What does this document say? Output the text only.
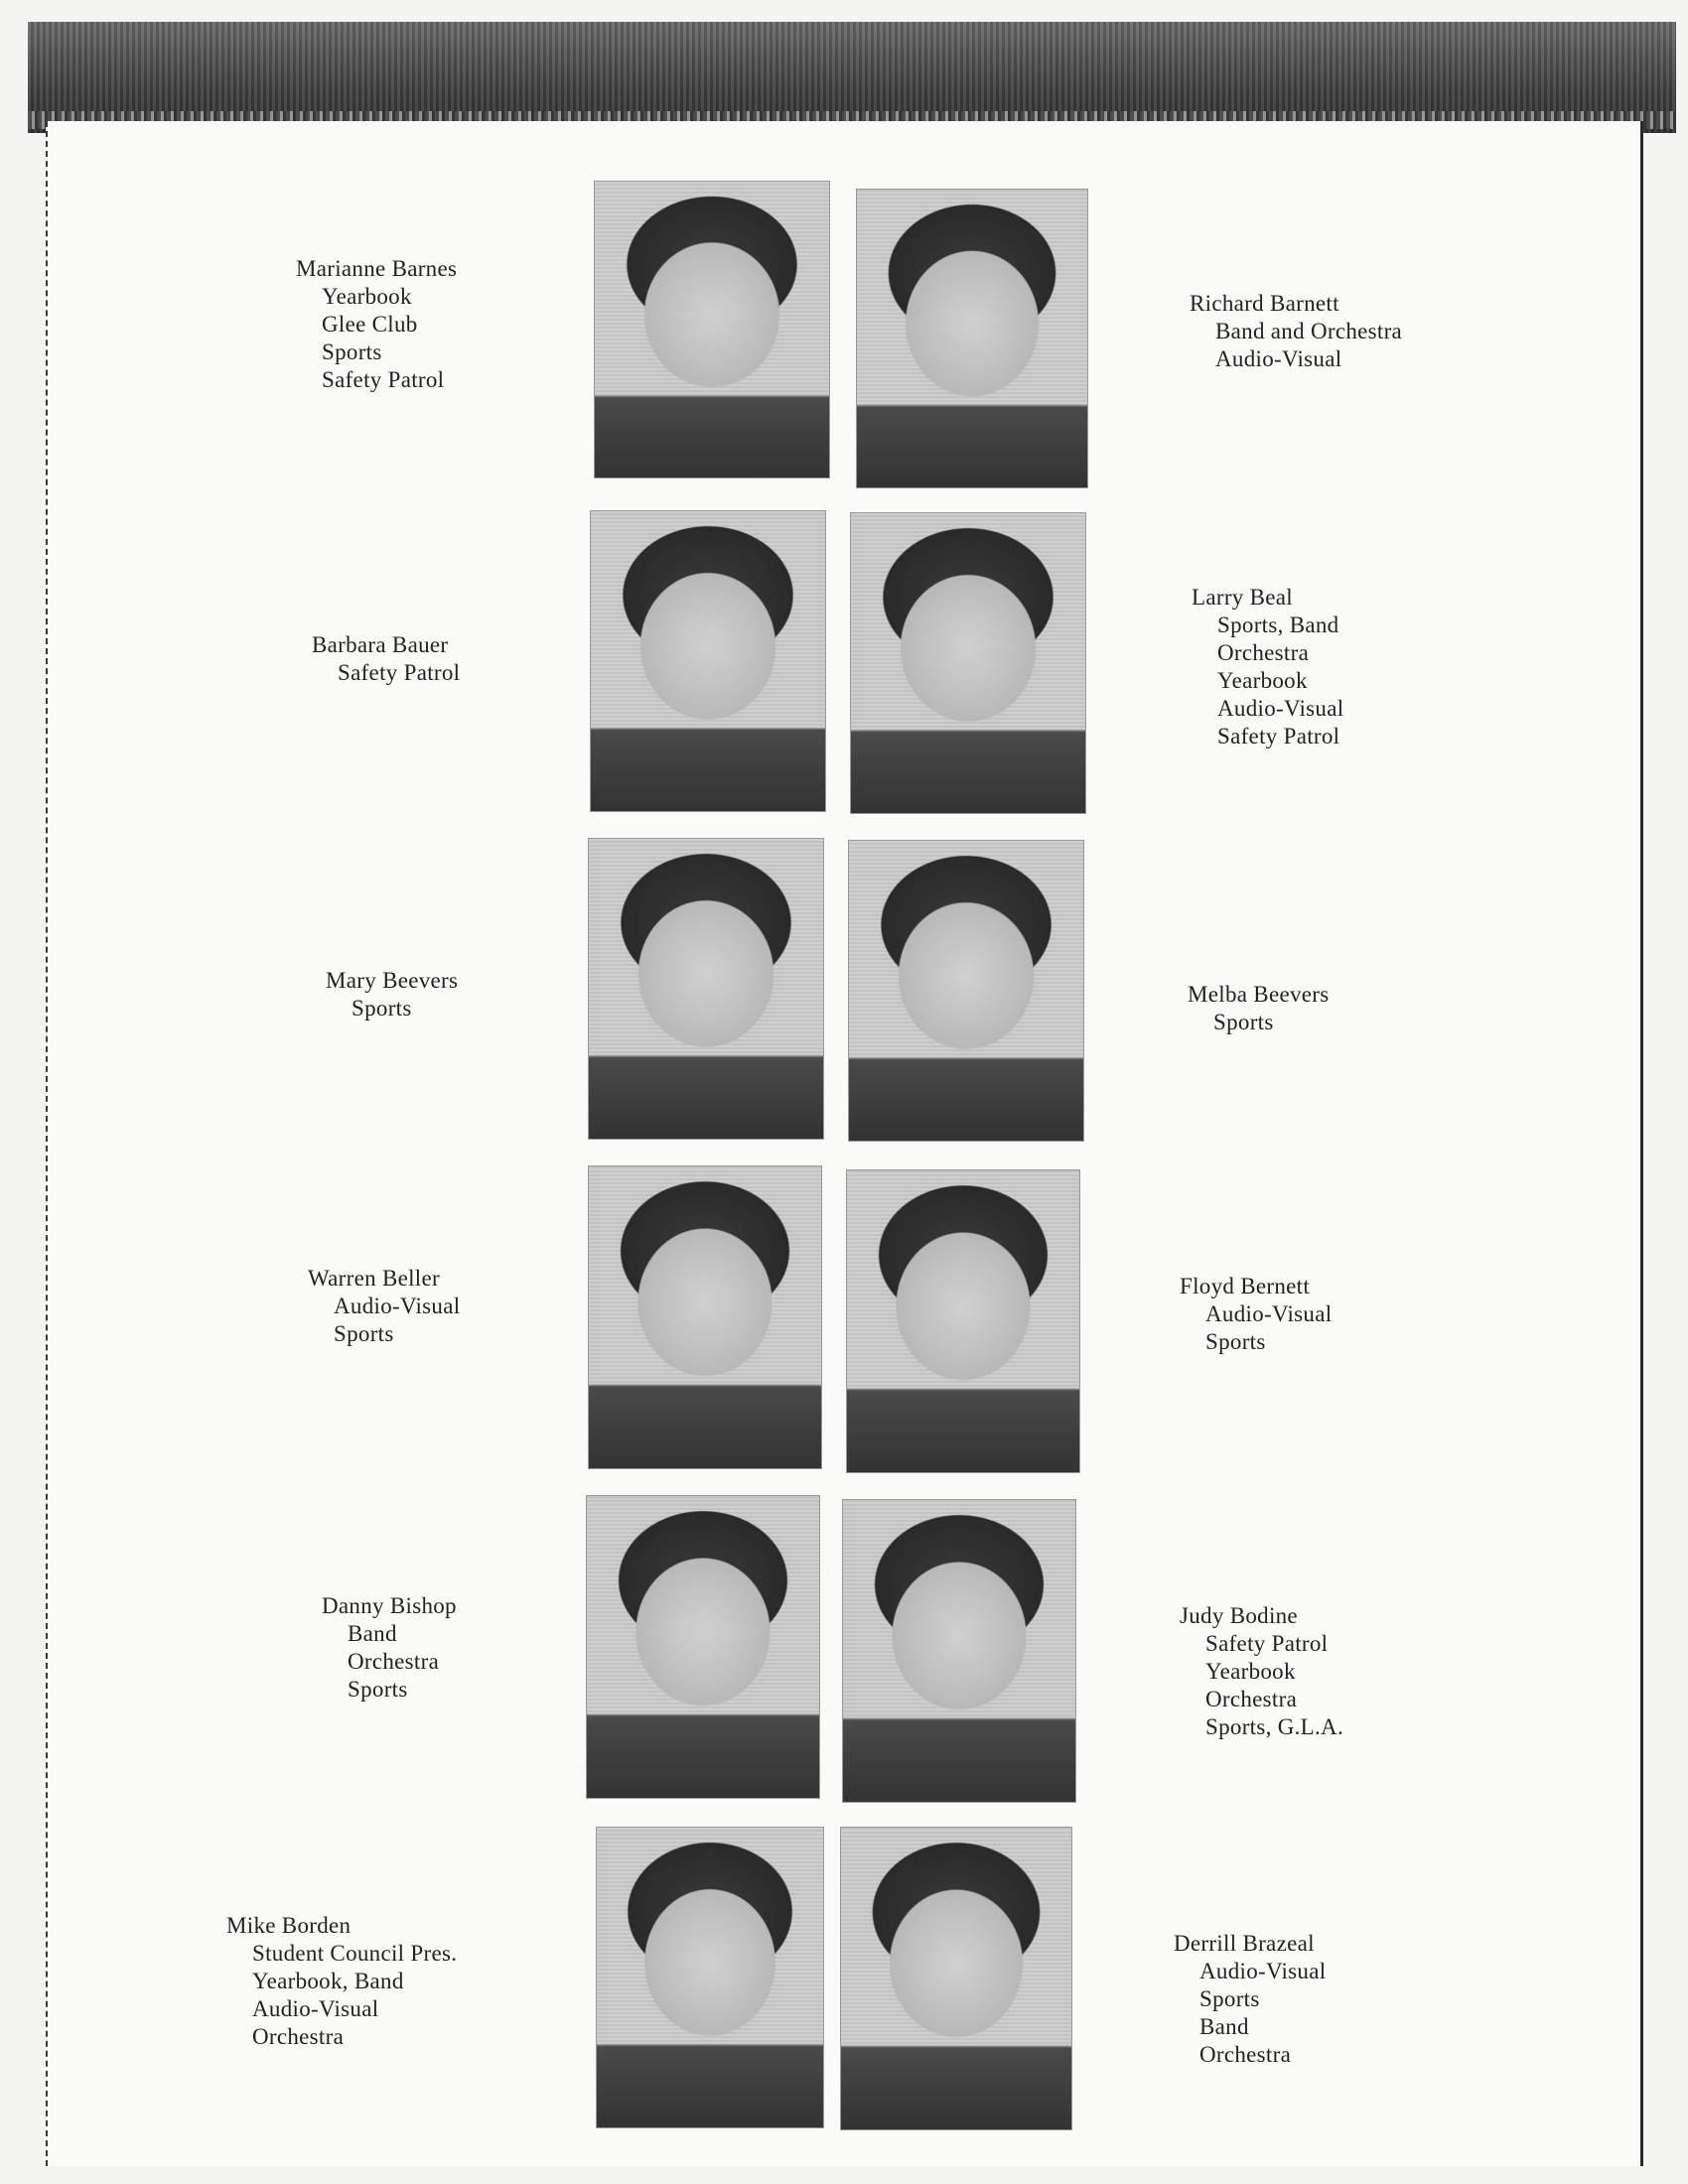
Marianne Barnes
Yearbook
Glee Club
Sports
Safety Patrol
Richard Barnett
Band and Orchestra
Audio-Visual
Barbara Bauer
Safety Patrol
Larry Beal
Sports, Band
Orchestra
Yearbook
Audio-Visual
Safety Patrol
Mary Beevers
Sports
Melba Beevers
Sports
Warren Beller
Audio-Visual
Sports
Floyd Bernett
Audio-Visual
Sports
Danny Bishop
Band
Orchestra
Sports
Judy Bodine
Safety Patrol
Yearbook
Orchestra
Sports, G.L.A.
Mike Borden
Student Council Pres.
Yearbook, Band
Audio-Visual
Orchestra
Derrill Brazeal
Audio-Visual
Sports
Band
Orchestra
